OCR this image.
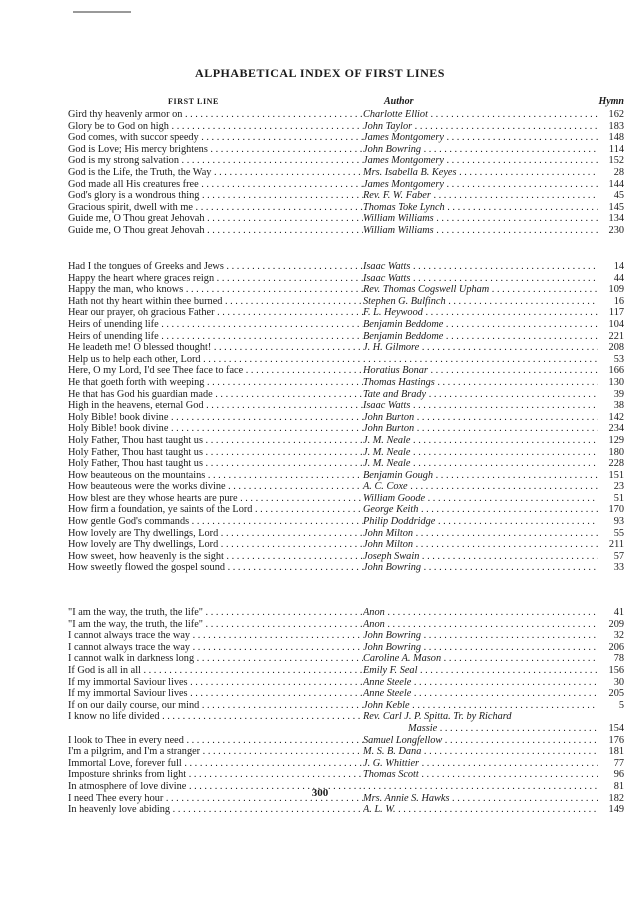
ALPHABETICAL INDEX OF FIRST LINES
FIRST LINE	Author	Hymn
Gird thy heavenly armor on . . .	Charlotte Elliot . . .	162
Glory be to God on high . . .	John Taylor . . .	183
God comes, with succor speedy . . .	James Montgomery . . .	148
God is Love; His mercy brightens . . .	John Bowring . . .	114
God is my strong salvation . . .	James Montgomery . . .	152
God is the Life, the Truth, the Way . . .	Mrs. Isabella B. Keyes . . .	28
God made all His creatures free . . .	James Montgomery . . .	144
God's glory is a wondrous thing . . .	Rev. F. W. Faber . . .	45
Gracious spirit, dwell with me . . .	Thomas Toke Lynch . . .	145
Guide me, O Thou great Jehovah . . .	William Williams . . .	134
Guide me, O Thou great Jehovah . . .	William Williams . . .	230
Had I the tongues of Greeks and Jews . . .	Isaac Watts . . .	14
Happy the heart where graces reign . . .	Isaac Watts . . .	44
Happy the man, who knows . . .	Rev. Thomas Cogswell Upham . . .	109
Hath not thy heart within thee burned . . .	Stephen G. Bulfinch . . .	16
Hear our prayer, oh gracious Father . . .	F. L. Heywood . . .	117
Heirs of unending life . . .	Benjamin Beddome . . .	104
Heirs of unending life . . .	Benjamin Beddome . . .	221
He leadeth me! O blessed thought! . . .	J. H. Gilmore . . .	208
Help us to help each other, Lord . . . . . .	53
Here, O my Lord, I'd see Thee face to face . . .	Horatius Bonar . . .	166
He that goeth forth with weeping . . .	Thomas Hastings . . .	130
He that has God his guardian made . . .	Tate and Brady . . .	39
High in the heavens, eternal God . . .	Isaac Watts . . .	38
Holy Bible! book divine . . .	John Burton . . .	142
Holy Bible! book divine . . .	John Burton . . .	234
Holy Father, Thou hast taught us . . .	J. M. Neale . . .	129
Holy Father, Thou hast taught us . . .	J. M. Neale . . .	180
Holy Father, Thou hast taught us . . .	J. M. Neale . . .	228
How beauteous on the mountains . . .	Benjamin Gough . . .	151
How beauteous were the works divine . . .	A. C. Coxe . . .	23
How blest are they whose hearts are pure . . .	William Goode . . .	51
How firm a foundation, ye saints of the Lord . . .	George Keith . . .	170
How gentle God's commands . . .	Philip Doddridge . . .	93
How lovely are Thy dwellings, Lord . . .	John Milton . . .	55
How lovely are Thy dwellings, Lord . . .	John Milton . . .	211
How sweet, how heavenly is the sight . . .	Joseph Swain . . .	57
How sweetly flowed the gospel sound . . .	John Bowring . . .	33
"I am the way, the truth, the life" . . .	Anon . . .	41
"I am the way, the truth, the life" . . .	Anon . . .	209
I cannot always trace the way . . .	John Bowring . . .	32
I cannot always trace the way . . .	John Bowring . . .	206
I cannot walk in darkness long . . .	Caroline A. Mason . . .	78
If God is all in all . . .	Emily F. Seal . . .	156
If my immortal Saviour lives . . .	Anne Steele . . .	30
If my immortal Saviour lives . . .	Anne Steele . . .	205
If on our daily course, our mind . . .	John Keble . . .	5
I know no life divided . . .	Rev. Carl J. P. Spitta. Tr. by Richard
Massie . . .	154
I look to Thee in every need . . .	Samuel Longfellow . . .	176
I'm a pilgrim, and I'm a stranger . . .	M. S. B. Dana . . .	181
Immortal Love, forever full . . .	J. G. Whittier . . .	77
Imposture shrinks from light . . .	Thomas Scott . . .	96
In atmosphere of love divine . . . . . .	81
I need Thee every hour . . .	Mrs. Annie S. Hawks . . .	182
In heavenly love abiding . . .	A. L. W. . . .	149
300
